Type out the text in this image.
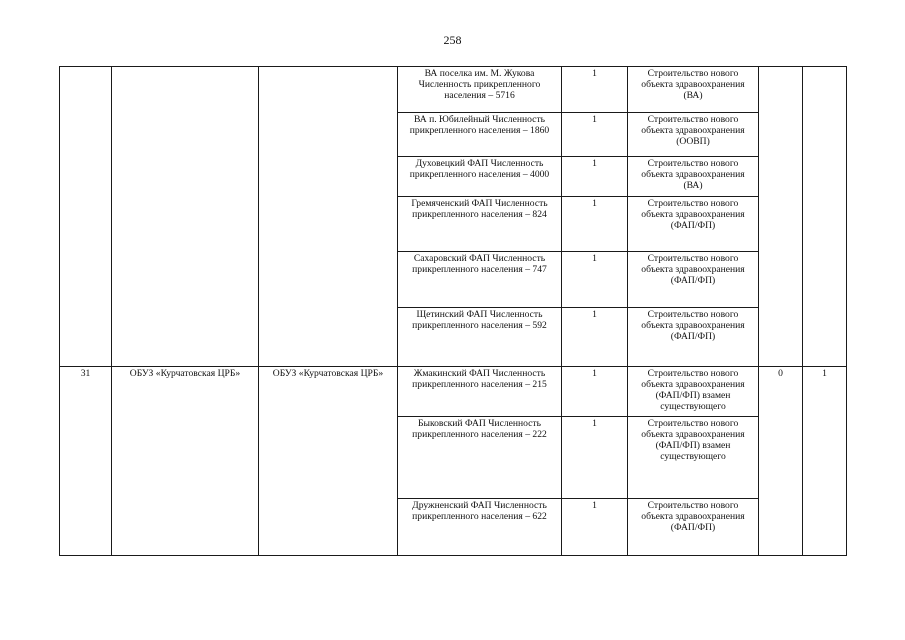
258
			ВА поселка им. М. Жукова Численность прикрепленного населения – 5716	1	Строительство нового объекта здравоохранения (ВА)		
			ВА п. Юбилейный Численность прикрепленного населения – 1860	1	Строительство нового объекта здравоохранения (ООВП)		
			Духовецкий ФАП Численность прикрепленного населения – 4000	1	Строительство нового объекта здравоохранения (ВА)		
			Гремяченский ФАП Численность прикрепленного населения – 824	1	Строительство нового объекта здравоохранения (ФАП/ФП)		
			Сахаровский ФАП Численность прикрепленного населения – 747	1	Строительство нового объекта здравоохранения (ФАП/ФП)		
			Щетинский ФАП Численность прикрепленного населения – 592	1	Строительство нового объекта здравоохранения (ФАП/ФП)		
31	ОБУЗ «Курчатовская ЦРБ»	ОБУЗ «Курчатовская ЦРБ»	Жмакинский ФАП Численность прикрепленного населения – 215	1	Строительство нового объекта здравоохранения (ФАП/ФП) взамен существующего	0	1
			Быковский ФАП Численность прикрепленного населения – 222	1	Строительство нового объекта здравоохранения (ФАП/ФП) взамен существующего		
			Дружненский ФАП Численность прикрепленного населения – 622	1	Строительство нового объекта здравоохранения (ФАП/ФП)		
